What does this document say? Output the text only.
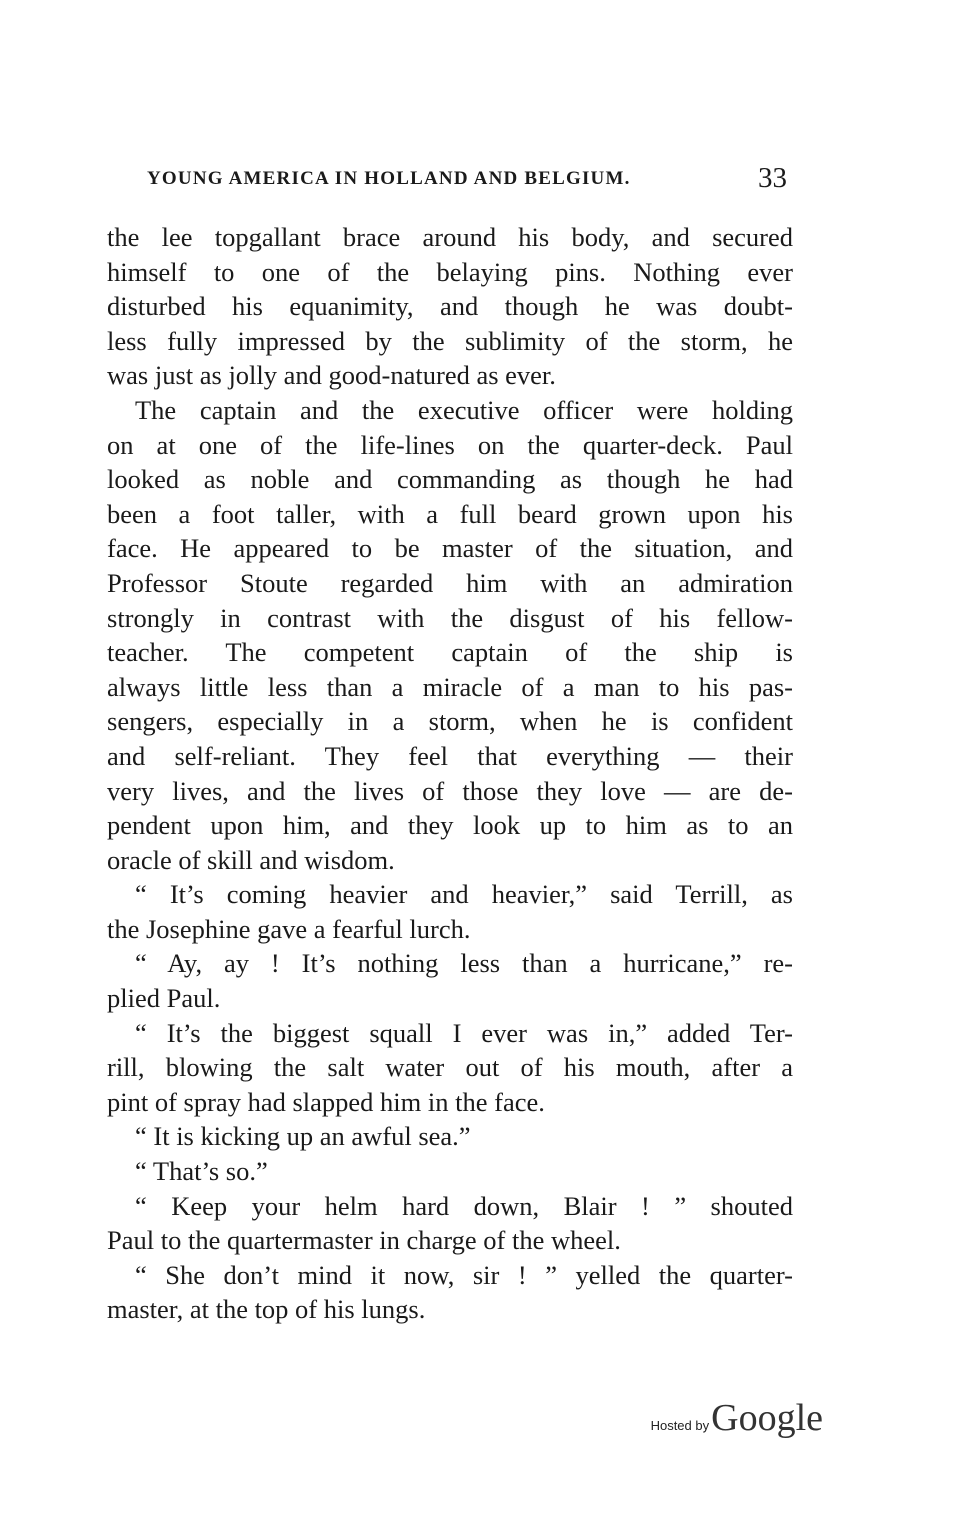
YOUNG AMERICA IN HOLLAND AND BELGIUM.	33
the lee topgallant brace around his body, and secured
himself to one of the belaying pins. Nothing ever
disturbed his equanimity, and though he was doubt-
less fully impressed by the sublimity of the storm, he
was just as jolly and good-natured as ever.
The captain and the executive officer were holding
on at one of the life-lines on the quarter-deck. Paul
looked as noble and commanding as though he had
been a foot taller, with a full beard grown upon his
face. He appeared to be master of the situation, and
Professor Stoute regarded him with an admiration
strongly in contrast with the disgust of his fellow-
teacher. The competent captain of the ship is
always little less than a miracle of a man to his pas-
sengers, especially in a storm, when he is confident
and self-reliant. They feel that everything — their
very lives, and the lives of those they love — are de-
pendent upon him, and they look up to him as to an
oracle of skill and wisdom.
“ It’s coming heavier and heavier,” said Terrill, as
the Josephine gave a fearful lurch.
“ Ay, ay ! It’s nothing less than a hurricane,” re-
plied Paul.
“ It’s the biggest squall I ever was in,” added Ter-
rill, blowing the salt water out of his mouth, after a
pint of spray had slapped him in the face.
“ It is kicking up an awful sea.”
“ That’s so.”
“ Keep your helm hard down, Blair ! ” shouted
Paul to the quartermaster in charge of the wheel.
“ She don’t mind it now, sir ! ” yelled the quarter-
master, at the top of his lungs.
Hosted by Google
